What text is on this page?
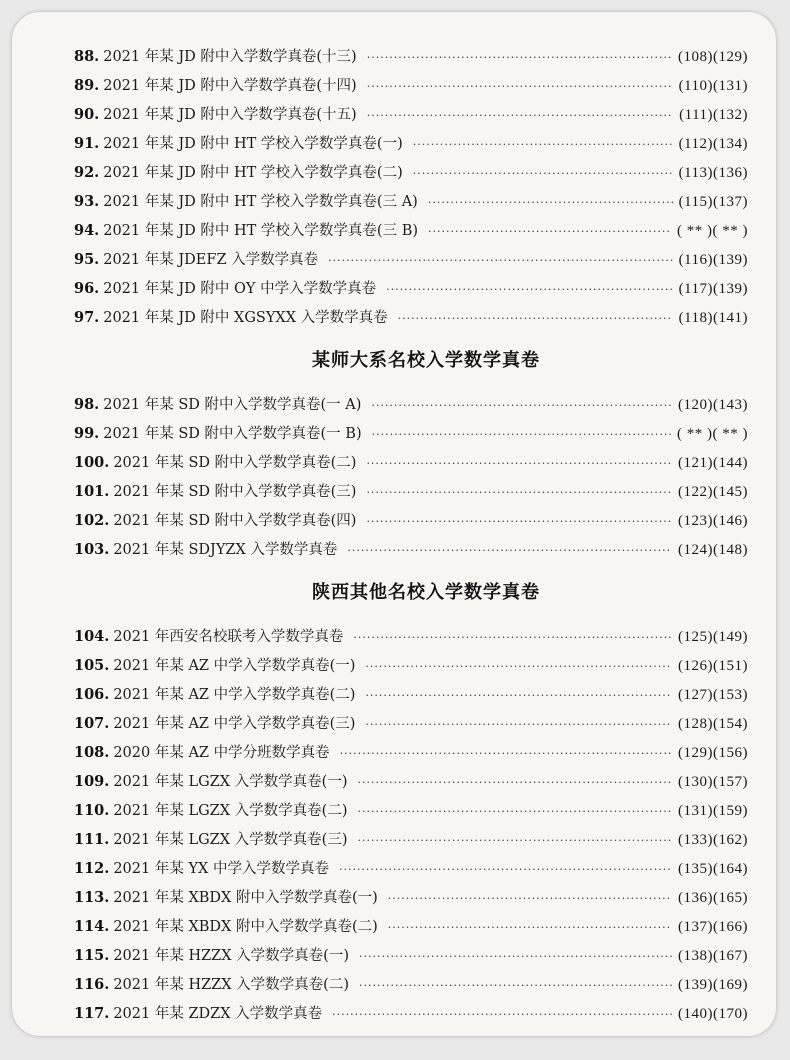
88. 2021 年某 JD 附中入学数学真卷(十三) ·····	(108)(129)
89. 2021 年某 JD 附中入学数学真卷(十四) ·····	(110)(131)
90. 2021 年某 JD 附中入学数学真卷(十五) ·····	(111)(132)
91. 2021 年某 JD 附中 HT 学校入学数学真卷(一) ·····	(112)(134)
92. 2021 年某 JD 附中 HT 学校入学数学真卷(二) ·····	(113)(136)
93. 2021 年某 JD 附中 HT 学校入学数学真卷(三 A) ·····	(115)(137)
94. 2021 年某 JD 附中 HT 学校入学数学真卷(三 B) ·····	( ** )( ** )
95. 2021 年某 JDEFZ 入学数学真卷 ·····	(116)(139)
96. 2021 年某 JD 附中 OY 中学入学数学真卷 ·····	(117)(139)
97. 2021 年某 JD 附中 XGSYXX 入学数学真卷 ·····	(118)(141)
某师大系名校入学数学真卷
98. 2021 年某 SD 附中入学数学真卷(一 A) ·····	(120)(143)
99. 2021 年某 SD 附中入学数学真卷(一 B) ·····	( ** )( ** )
100. 2021 年某 SD 附中入学数学真卷(二) ·····	(121)(144)
101. 2021 年某 SD 附中入学数学真卷(三) ·····	(122)(145)
102. 2021 年某 SD 附中入学数学真卷(四) ·····	(123)(146)
103. 2021 年某 SDJYZX 入学数学真卷 ·····	(124)(148)
陕西其他名校入学数学真卷
104. 2021 年西安名校联考入学数学真卷 ·····	(125)(149)
105. 2021 年某 AZ 中学入学数学真卷(一) ·····	(126)(151)
106. 2021 年某 AZ 中学入学数学真卷(二) ·····	(127)(153)
107. 2021 年某 AZ 中学入学数学真卷(三) ·····	(128)(154)
108. 2020 年某 AZ 中学分班数学真卷 ·····	(129)(156)
109. 2021 年某 LGZX 入学数学真卷(一) ·····	(130)(157)
110. 2021 年某 LGZX 入学数学真卷(二) ·····	(131)(159)
111. 2021 年某 LGZX 入学数学真卷(三) ·····	(133)(162)
112. 2021 年某 YX 中学入学数学真卷 ·····	(135)(164)
113. 2021 年某 XBDX 附中入学数学真卷(一) ·····	(136)(165)
114. 2021 年某 XBDX 附中入学数学真卷(二) ·····	(137)(166)
115. 2021 年某 HZZX 入学数学真卷(一) ·····	(138)(167)
116. 2021 年某 HZZX 入学数学真卷(二) ·····	(139)(169)
117. 2021 年某 ZDZX 入学数学真卷 ·····	(140)(170)
